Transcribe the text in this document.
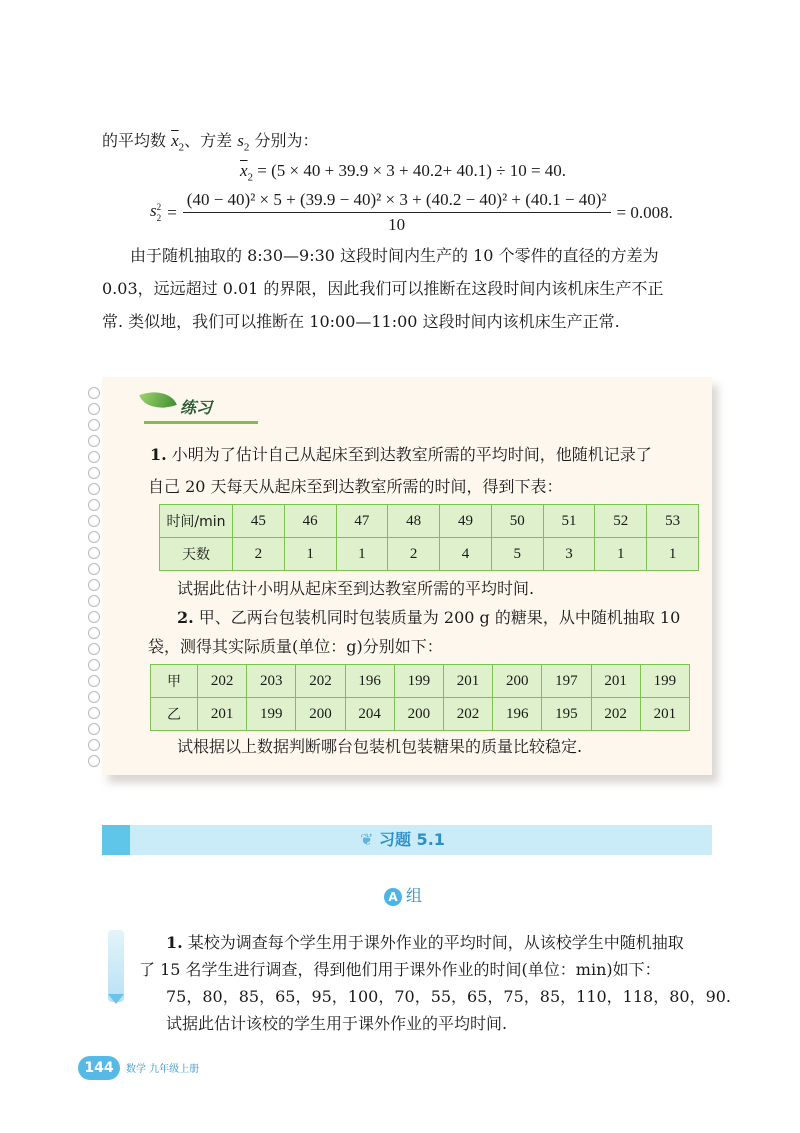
的平均数 $\overline{x}_2$、方差 $s_2$ 分别为：
$\overline{x}_2 = (5 \times 40 + 39.9 \times 3 + 40.2+ 40.1) \div 10 = 40$.
s 2
2 =
(40 − 40)² × 5 + (39.9 − 40)² × 3 + (40.2 − 40)² + (40.1 − 40)²
10
= 0.008.
由于随机抽取的 8:30—9:30 这段时间内生产的 10 个零件的直径的方差为
0.03，远远超过 0.01 的界限，因此我们可以推断在这段时间内该机床生产不正
常. 类似地，我们可以推断在 10:00—11:00 这段时间内该机床生产正常.
练习
1. 小明为了估计自己从起床至到达教室所需的平均时间，他随机记录了
自己 20 天每天从起床至到达教室所需的时间，得到下表：
时间/min	45	46	47	48	49	50	51	52	53
天数	2	1	1	2	4	5	3	1	1
试据此估计小明从起床至到达教室所需的平均时间.
2. 甲、乙两台包装机同时包装质量为 200 g 的糖果，从中随机抽取 10
袋，测得其实际质量(单位：g)分别如下：
甲	202	203	202	196	199	201	200	197	201	199
乙	201	199	200	204	200	202	196	195	202	201
试根据以上数据判断哪台包装机包装糖果的质量比较稳定.
❦ 习题 5.1
A 组
1. 某校为调查每个学生用于课外作业的平均时间，从该校学生中随机抽取
了 15 名学生进行调查，得到他们用于课外作业的时间(单位：min)如下：
75，80，85，65，95，100，70，55，65，75，85，110，118，80，90.
试据此估计该校的学生用于课外作业的平均时间.
144	数学 九年级上册
